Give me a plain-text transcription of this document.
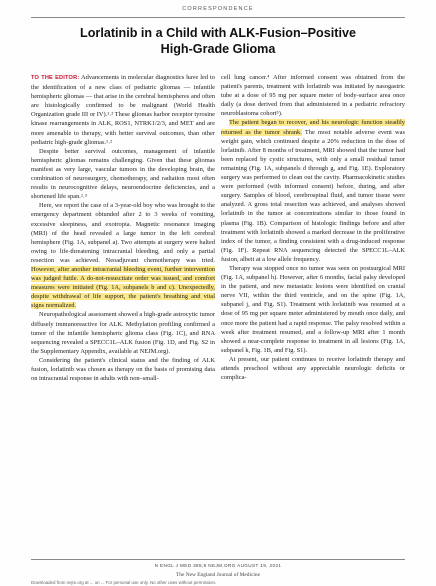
CORRESPONDENCE
Lorlatinib in a Child with ALK-Fusion–Positive
High-Grade Glioma

TO THE EDITOR: Advancements in molecular diagnostics have led to the identification of a new class of pediatric gliomas — infantile hemispheric gliomas — that arise in the cerebral hemispheres and often are histologically confirmed to be malignant (World Health Organization grade III or IV).¹˒² These gliomas harbor receptor tyrosine kinase rearrangements in ALK, ROS1, NTRK1/2/3, and MET and are more amenable to therapy, with better survival outcomes, than other pediatric high-grade gliomas.¹˒²

Despite better survival outcomes, management of infantile hemispheric gliomas remains challenging. Given that these gliomas manifest as very large, vascular tumors in the developing brain, the combination of neurosurgery, chemotherapy, and radiation most often results in neurocognitive delays, neuroendocrine deficiencies, and a shortened life span.²˒³

Here, we report the case of a 3-year-old boy who was brought to the emergency department obtunded after 2 to 3 weeks of vomiting, excessive sleepiness, and exotropia. Magnetic resonance imaging (MRI) of the head revealed a large tumor in the left cerebral hemisphere (Fig. 1A, subpanel a). Two attempts at surgery were halted owing to life-threatening intracranial bleeding, and only a partial resection was achieved. Neoadjuvant chemotherapy was tried. However, after another intracranial bleeding event, further intervention was judged futile. A do-not-resuscitate order was issued, and comfort measures were initiated (Fig. 1A, subpanels b and c). Unexpectedly, despite withdrawal of life support, the patient's breathing and vital signs normalized.

Neuropathological assessment showed a high-grade astrocytic tumor diffusely immunoreactive for ALK. Methylation profiling confirmed a tumor of the infantile hemispheric glioma class (Fig. 1C), and RNA sequencing revealed a SPECC1L–ALK fusion (Fig. 1D, and Fig. S2 in the Supplementary Appendix, available at NEJM.org).

Considering the patient's clinical status and the finding of ALK fusion, lorlatinib was chosen as therapy on the basis of promising data on intracranial response in adults with non–small-

cell lung cancer.⁴ After informed consent was obtained from the patient's parents, treatment with lorlatinib was initiated by nasogastric tube at a dose of 95 mg per square meter of body-surface area once daily (a dose derived from that administered in a pediatric refractory neuroblastoma cohort⁵).

The patient began to recover, and his neurologic function steadily returned as the tumor shrank. The most notable adverse event was weight gain, which continued despite a 20% reduction in the dose of lorlatinib. After 8 months of treatment, MRI showed that the tumor had been replaced by cystic structures, with only a small residual tumor remaining (Fig. 1A, subpanels d through g, and Fig. 1E). Exploratory surgery was performed to clean out the cavity. Pharmacokinetic studies were performed (with informed consent) before, during, and after surgery. Samples of blood, cerebrospinal fluid, and tumor tissue were analyzed. A gross total resection was achieved, and analyses showed lorlatinib in the tumor at concentrations similar to those found in plasma (Fig. 1B). Comparison of histologic findings before and after treatment with lorlatinib showed a marked decrease in the proliferative index of the tumor, a finding consistent with a drug-induced response (Fig. 1F). Repeat RNA sequencing detected the SPECC1L–ALK fusion, albeit at a low allele frequency.

Therapy was stopped once no tumor was seen on postsurgical MRI (Fig. 1A, subpanel h). However, after 6 months, facial palsy developed in the patient, and new metastatic lesions were identified on cranial nerve VII, within the third ventricle, and on the spine (Fig. 1A, subpanel j, and Fig. S1). Treatment with lorlatinib was resumed at a dose of 95 mg per square meter administered by mouth once daily, and once more the patient had a rapid response. The palsy resolved within a week after treatment resumed, and a follow-up MRI after 1 month showed a near-complete response to treatment in all lesions (Fig. 1A, subpanel k, Fig. 1B, and Fig. S1).

At present, our patient continues to receive lorlatinib therapy and attends preschool without any appreciable neurologic deficits or complica-

N ENGL J MED 385;8 NEJM.ORG AUGUST 19, 2021
The New England Journal of Medicine
Downloaded from nejm.org at ... on ... For personal use only. No other uses without permission.
